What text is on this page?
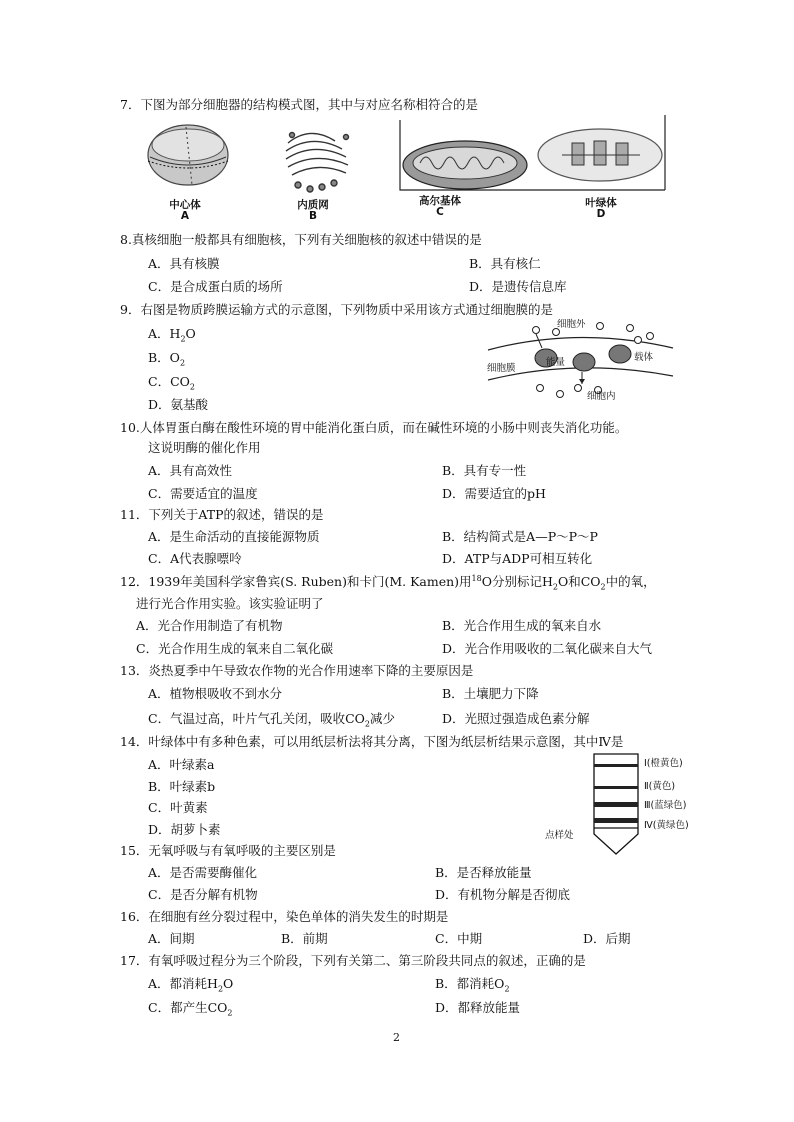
7．下图为部分细胞器的结构模式图，其中与对应名称相符合的是
中心体
A
内质网
B
高尔基体
C
叶绿体
D
8.真核细胞一般都具有细胞核，下列有关细胞核的叙述中错误的是
A．具有核膜	B．具有核仁
C．是合成蛋白质的场所	D．是遗传信息库
9．右图是物质跨膜运输方式的示意图，下列物质中采用该方式通过细胞膜的是
A．$H_2O$
B．$O_2$
C．$CO_2$
D．氨基酸
细胞外
细胞膜
能量	载体
细胞内
10.人体胃蛋白酶在酸性环境的胃中能消化蛋白质，而在碱性环境的小肠中则丧失消化功能。
这说明酶的催化作用
A．具有高效性	B．具有专一性
C．需要适宜的温度	D．需要适宜的pH
11．下列关于ATP的叙述，错误的是
A．是生命活动的直接能源物质	B．结构简式是A—P～P～P
C．A代表腺嘌呤	D．ATP与ADP可相互转化
12．1939年美国科学家鲁宾(S. Ruben)和卡门(M. Kamen)用$^{18}$O分别标记$H_2O$和$CO_2$中的氧，
进行光合作用实验。该实验证明了
A．光合作用制造了有机物	B．光合作用生成的氧来自水
C．光合作用生成的氧来自二氧化碳	D．光合作用吸收的二氧化碳来自大气
13．炎热夏季中午导致农作物的光合作用速率下降的主要原因是
A．植物根吸收不到水分	B．土壤肥力下降
C．气温过高，叶片气孔关闭，吸收$CO_2$减少	D．光照过强造成色素分解
14．叶绿体中有多种色素，可以用纸层析法将其分离，下图为纸层析结果示意图，其中Ⅳ是
A．叶绿素a
B．叶绿素b
C．叶黄素
D．胡萝卜素
Ⅰ(橙黄色)
Ⅱ(黄色)
Ⅲ(蓝绿色)
Ⅳ(黄绿色)
点样处
15．无氧呼吸与有氧呼吸的主要区别是
A．是否需要酶催化	B．是否释放能量
C．是否分解有机物	D．有机物分解是否彻底
16．在细胞有丝分裂过程中，染色单体的消失发生的时期是
A．间期	B．前期	C．中期	D．后期
17．有氧呼吸过程分为三个阶段，下列有关第二、第三阶段共同点的叙述，正确的是
A．都消耗$H_2O$	B．都消耗$O_2$
C．都产生$CO_2$	D．都释放能量
2
